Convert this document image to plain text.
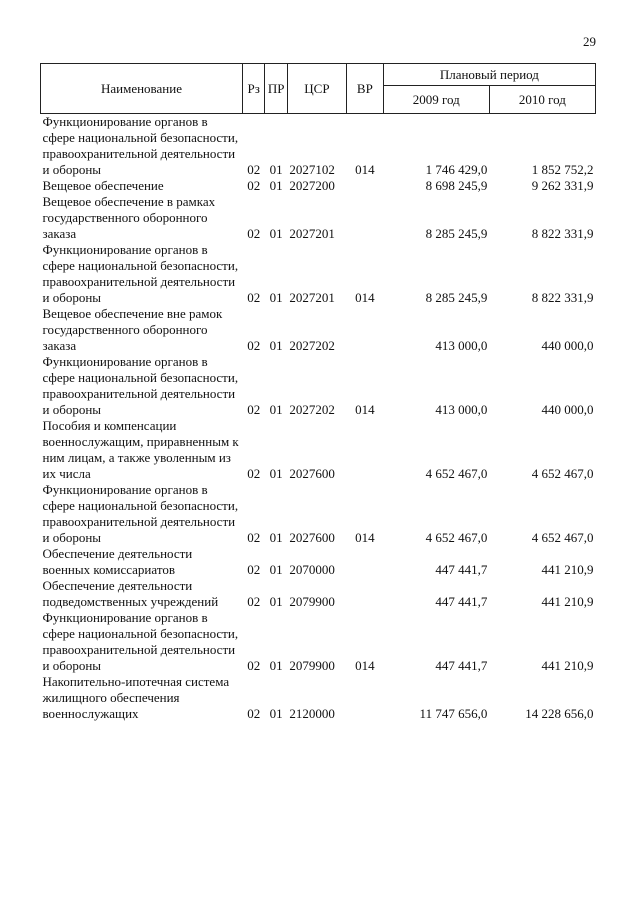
29
Наименование	Рз	ПР	ЦСР	ВР	Плановый период	
					2009 год	2010 год
Функционирование органов в сфере национальной безопасности, правоохранительной деятельности и обороны	02	01	2027102	014	1 746 429,0	1 852 752,2
Вещевое обеспечение	02	01	2027200		8 698 245,9	9 262 331,9
Вещевое обеспечение в рамках государственного оборонного заказа	02	01	2027201		8 285 245,9	8 822 331,9
Функционирование органов в сфере национальной безопасности, правоохранительной деятельности и обороны	02	01	2027201	014	8 285 245,9	8 822 331,9
Вещевое обеспечение вне рамок государственного оборонного заказа	02	01	2027202		413 000,0	440 000,0
Функционирование органов в сфере национальной безопасности, правоохранительной деятельности и обороны	02	01	2027202	014	413 000,0	440 000,0
Пособия и компенсации военнослужащим, приравненным к ним лицам, а также уволенным из их числа	02	01	2027600		4 652 467,0	4 652 467,0
Функционирование органов в сфере национальной безопасности, правоохранительной деятельности и обороны	02	01	2027600	014	4 652 467,0	4 652 467,0
Обеспечение деятельности военных комиссариатов	02	01	2070000		447 441,7	441 210,9
Обеспечение деятельности подведомственных учреждений	02	01	2079900		447 441,7	441 210,9
Функционирование органов в сфере национальной безопасности, правоохранительной деятельности и обороны	02	01	2079900	014	447 441,7	441 210,9
Накопительно-ипотечная система жилищного обеспечения военнослужащих	02	01	2120000		11 747 656,0	14 228 656,0
